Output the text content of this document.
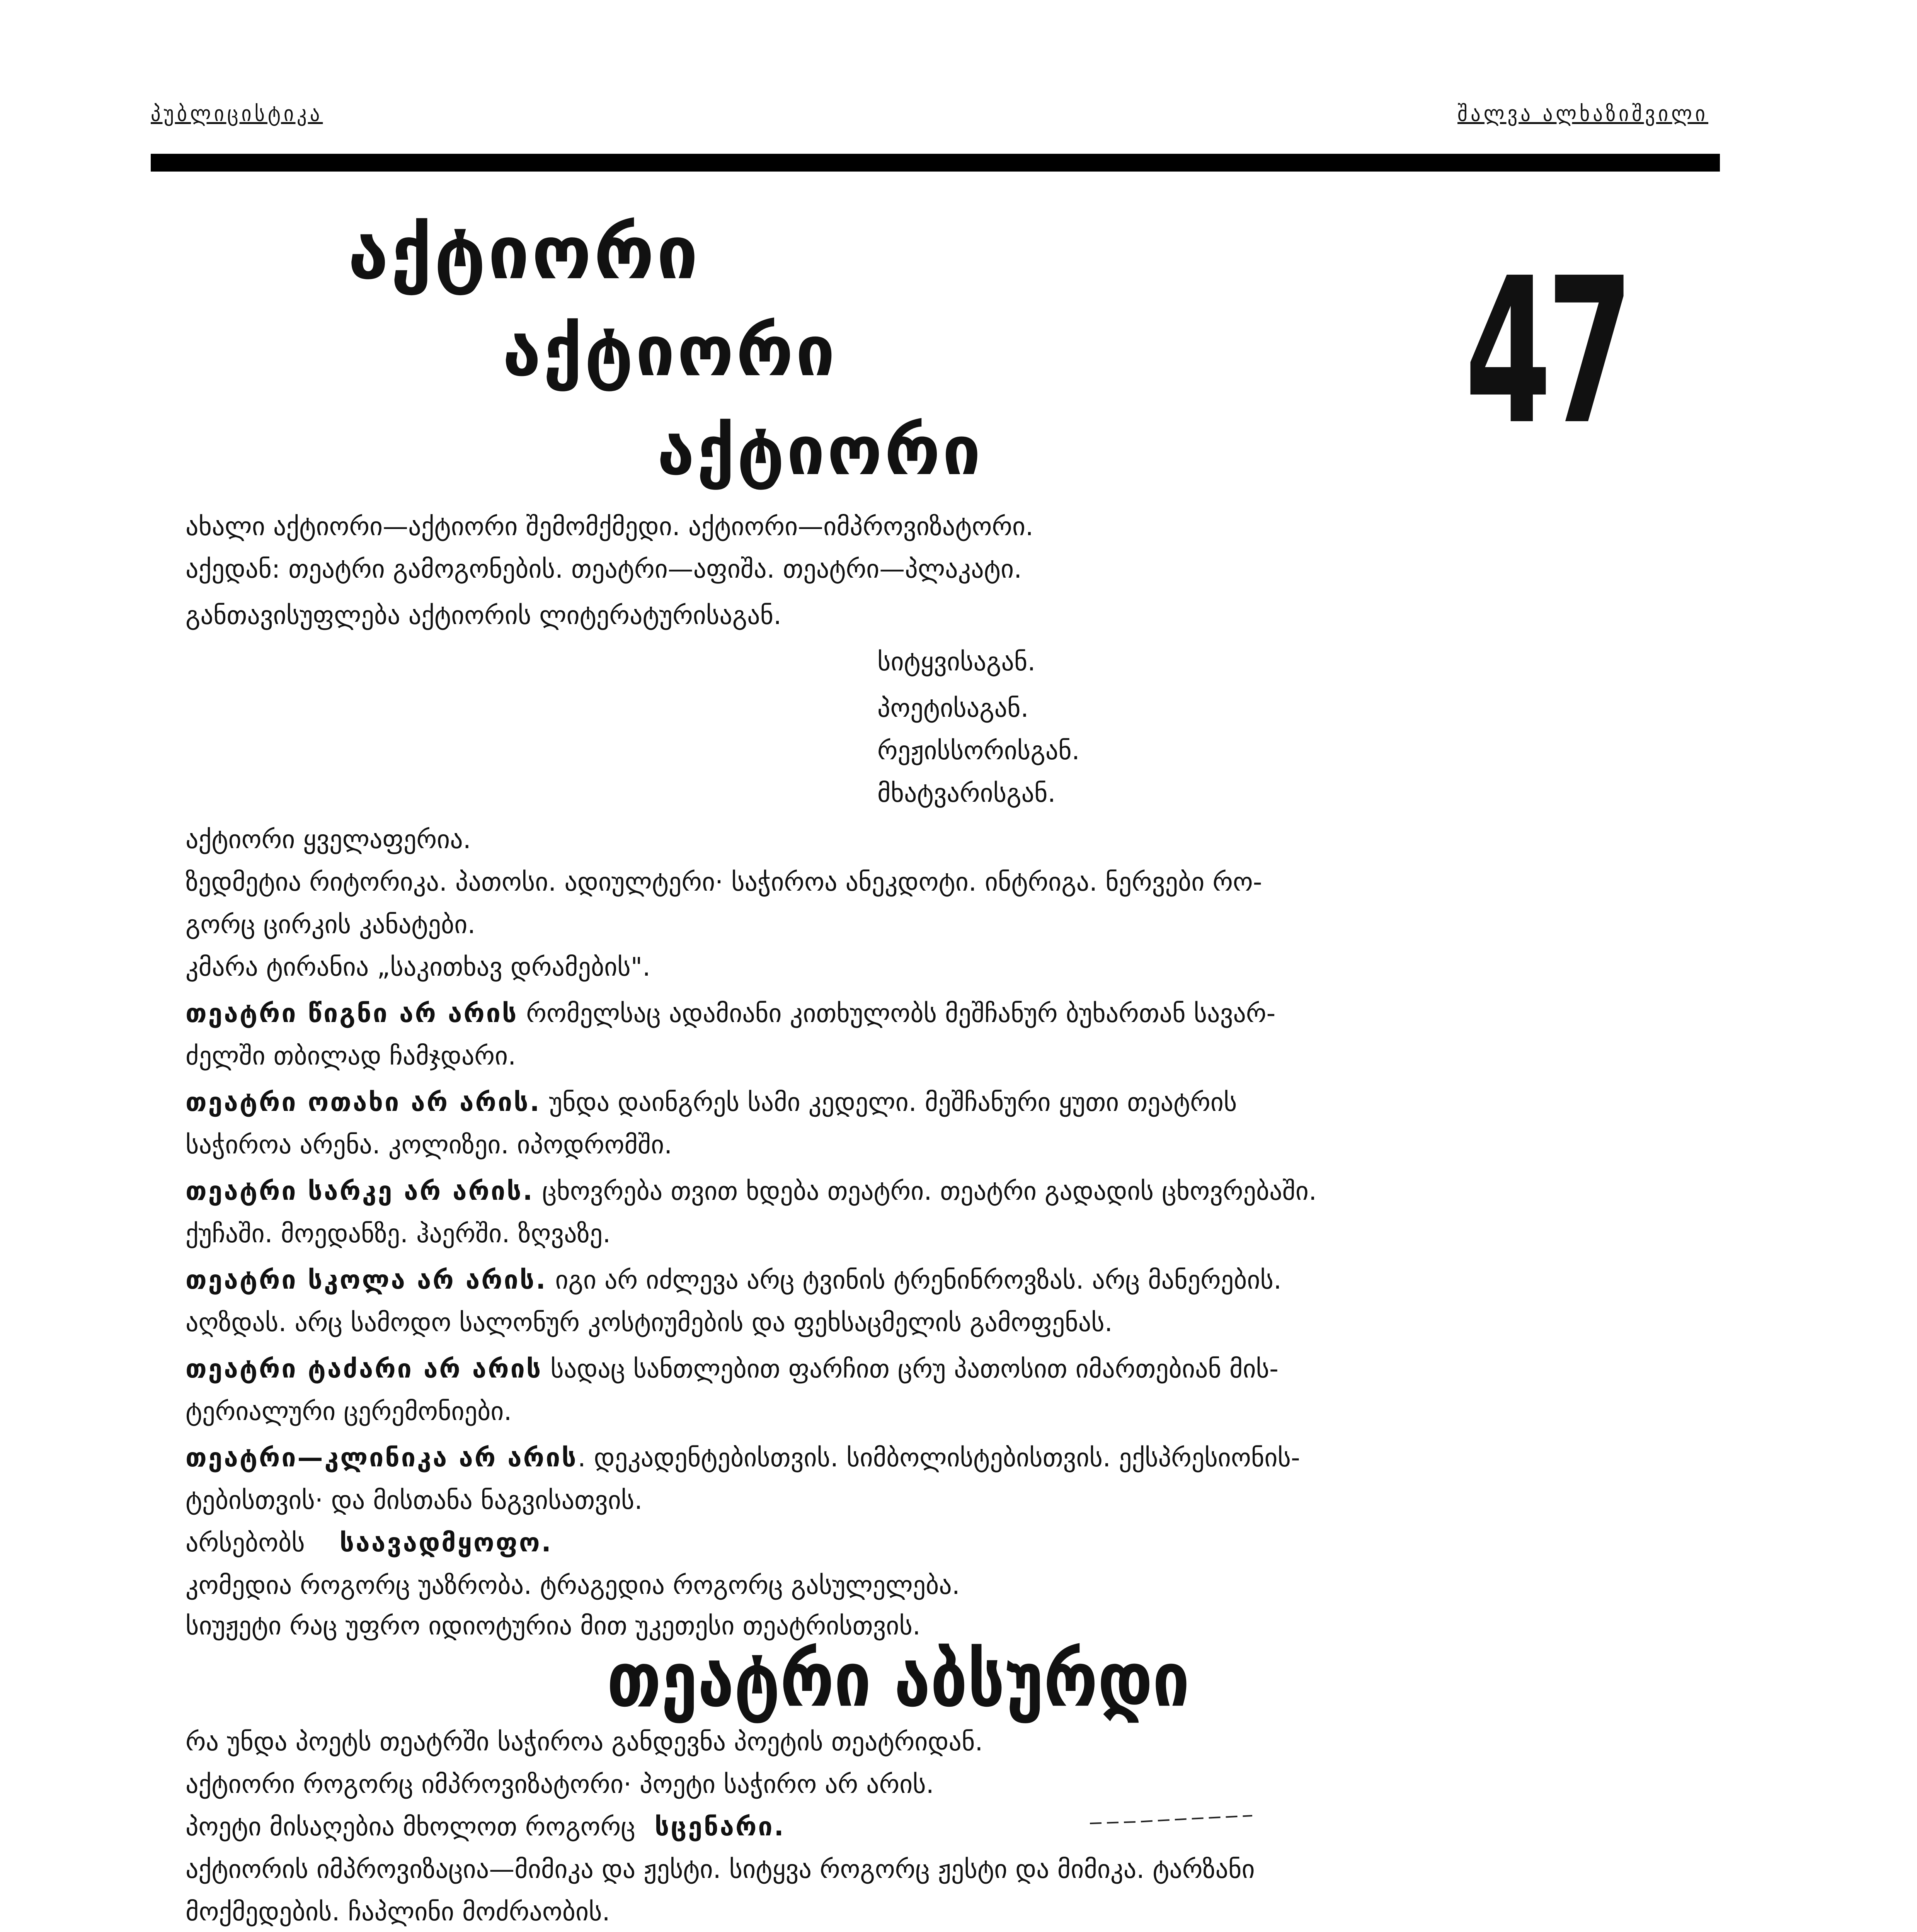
პუბლიცისტიკა	შალვა ალხაზიშვილი
აქტიორი
აქტიორი
აქტიორი 47
ახალი აქტიორი—აქტიორი შემომქმედი. აქტიორი—იმპროვიზატორი.
აქედან: თეატრი გამოგონების. თეატრი—აფიშა. თეატრი—პლაკატი.
განთავისუფლება აქტიორის ლიტერატურისაგან.
სიტყვისაგან.
პოეტისაგან.
რეჟისსორისგან.
მხატვარისგან.
აქტიორი ყველაფერია.
ზედმეტია რიტორიკა. პათოსი. ადიულტერი· საჭიროა ანეკდოტი. ინტრიგა. ნერვები რო-
გორც ცირკის კანატები.
კმარა ტირანია „საკითხავ დრამების".
თეატრი წიგნი არ არის რომელსაც ადამიანი კითხულობს მეშჩანურ ბუხართან სავარ-
ძელში თბილად ჩამჯდარი.
თეატრი ოთახი არ არის. უნდა დაინგრეს სამი კედელი. მეშჩანური ყუთი თეატრის
საჭიროა არენა. კოლიზეი. იპოდრომში.
თეატრი სარკე არ არის. ცხოვრება თვით ხდება თეატრი. თეატრი გადადის ცხოვრებაში.
ქუჩაში. მოედანზე. ჰაერში. ზღვაზე.
თეატრი სკოლა არ არის. იგი არ იძლევა არც ტვინის ტრენინროვზას. არც მანერების.
აღზდას. არც სამოდო სალონურ კოსტიუმების და ფეხსაცმელის გამოფენას.
თეატრი ტაძარი არ არის სადაც სანთლებით ფარჩით ცრუ პათოსით იმართებიან მის-
ტერიალური ცერემონიები.
თეატრი—კლინიკა არ არის. დეკადენტებისთვის. სიმბოლისტებისთვის. ექსპრესიონის-
ტებისთვის· და მისთანა ნაგვისათვის.
არსებობს საავადმყოფო.
კომედია როგორც უაზრობა. ტრაგედია როგორც გასულელება.
სიუჟეტი რაც უფრო იდიოტურია მით უკეთესი თეატრისთვის.
თეატრი აბსურდი
რა უნდა პოეტს თეატრში საჭიროა განდევნა პოეტის თეატრიდან.
აქტიორი როგორც იმპროვიზატორი· პოეტი საჭირო არ არის.
პოეტი მისაღებია მხოლოთ როგორც სცენარი.
აქტიორის იმპროვიზაცია—მიმიკა და ჟესტი. სიტყვა როგორც ჟესტი და მიმიკა. ტარზანი
მოქმედების. ჩაპლინი მოძრაობის.
